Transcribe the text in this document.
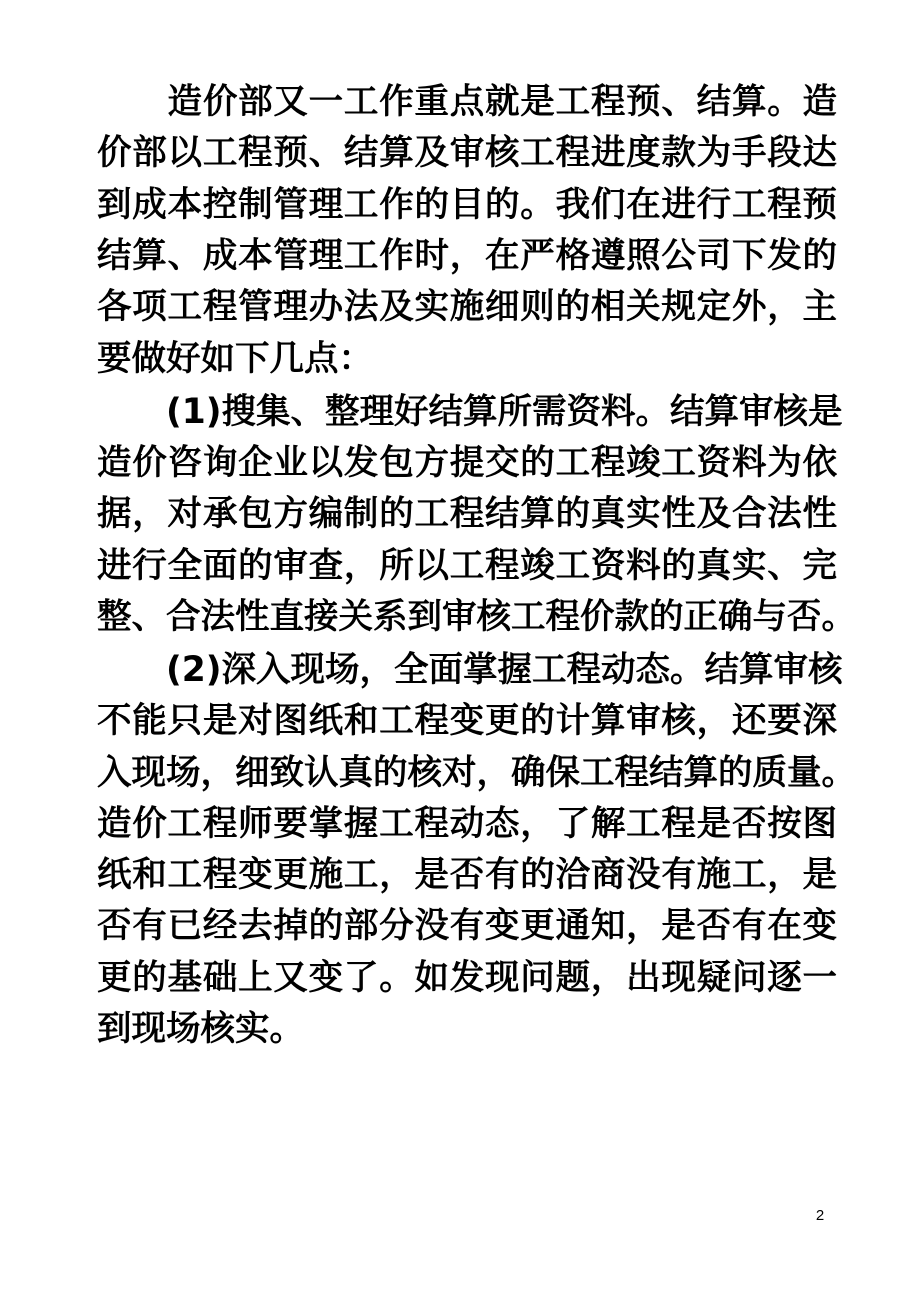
　　造价部又一工作重点就是工程预、结算。造
价部以工程预、结算及审核工程进度款为手段达
到成本控制管理工作的目的。我们在进行工程预
结算、成本管理工作时，在严格遵照公司下发的
各项工程管理办法及实施细则的相关规定外，主
要做好如下几点：
　　(1)搜集、整理好结算所需资料。结算审核是
造价咨询企业以发包方提交的工程竣工资料为依
据，对承包方编制的工程结算的真实性及合法性
进行全面的审查，所以工程竣工资料的真实、完
整、合法性直接关系到审核工程价款的正确与否。
　　(2)深入现场，全面掌握工程动态。结算审核
不能只是对图纸和工程变更的计算审核，还要深
入现场，细致认真的核对，确保工程结算的质量。
造价工程师要掌握工程动态，了解工程是否按图
纸和工程变更施工，是否有的洽商没有施工，是
否有已经去掉的部分没有变更通知，是否有在变
更的基础上又变了。如发现问题，出现疑问逐一
到现场核实。
2
